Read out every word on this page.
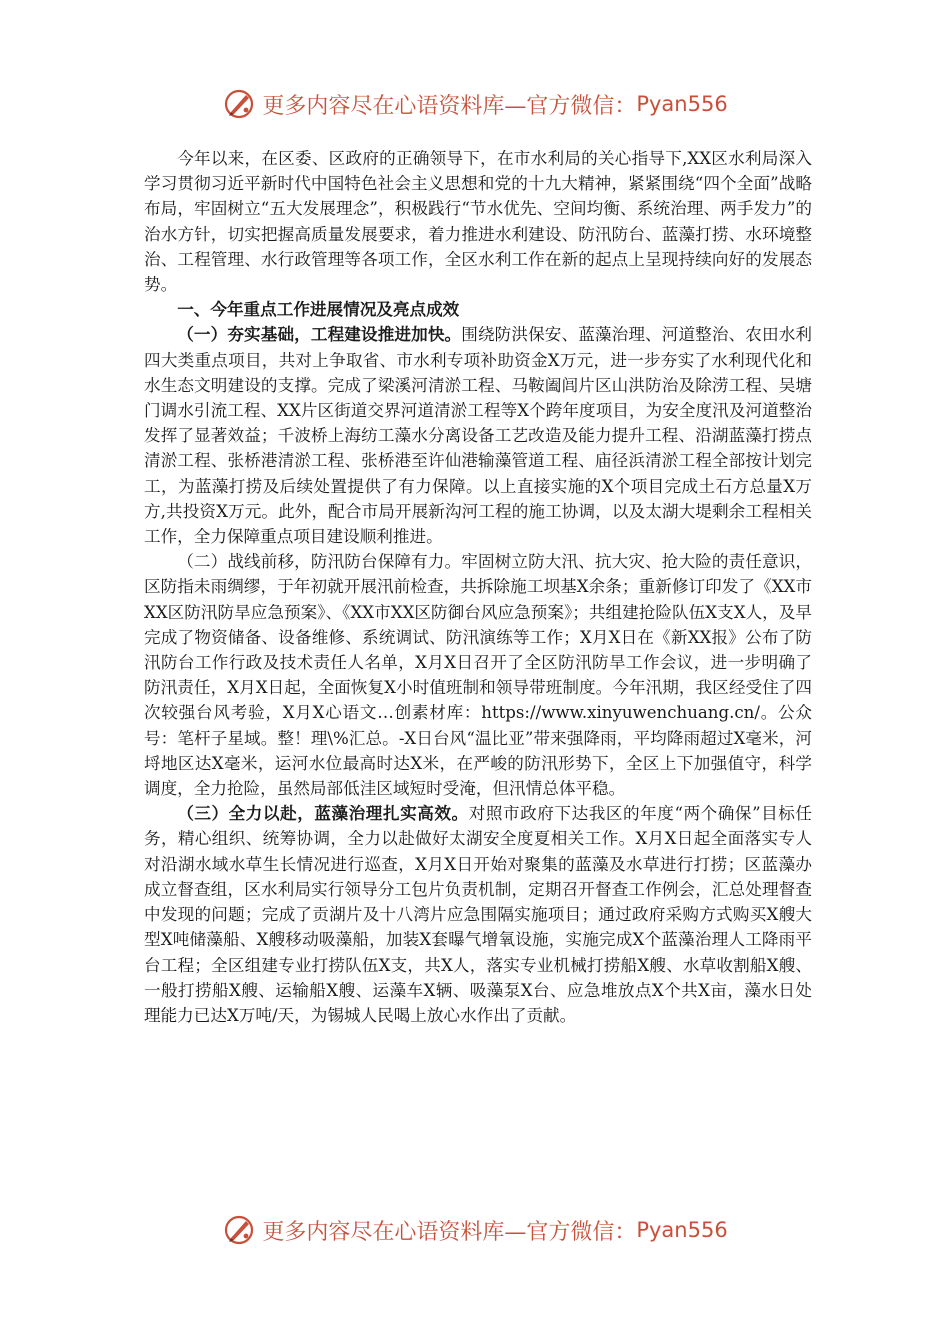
更多内容尽在心语资料库—官方微信： Pyan556

今年以来，在区委、区政府的正确领导下，在市水利局的关心指导下,XX区水利局深入学习贯彻习近平新时代中国特色社会主义思想和党的十九大精神，紧紧围绕“四个全面”战略布局，牢固树立“五大发展理念”，积极践行“节水优先、空间均衡、系统治理、两手发力”的治水方针，切实把握高质量发展要求，着力推进水利建设、防汛防台、蓝藻打捞、水环境整治、工程管理、水行政管理等各项工作，全区水利工作在新的起点上呈现持续向好的发展态势。

一、今年重点工作进展情况及亮点成效

（一）夯实基础，工程建设推进加快。围绕防洪保安、蓝藻治理、河道整治、农田水利四大类重点项目，共对上争取省、市水利专项补助资金X万元，进一步夯实了水利现代化和水生态文明建设的支撑。完成了梁溪河清淤工程、马鞍阖闾片区山洪防治及除涝工程、吴塘门调水引流工程、XX片区街道交界河道清淤工程等X个跨年度项目，为安全度汛及河道整治发挥了显著效益；千波桥上海纺工藻水分离设备工艺改造及能力提升工程、沿湖蓝藻打捞点清淤工程、张桥港清淤工程、张桥港至许仙港输藻管道工程、庙径浜清淤工程全部按计划完工，为蓝藻打捞及后续处置提供了有力保障。以上直接实施的X个项目完成土石方总量X万方,共投资X万元。此外，配合市局开展新沟河工程的施工协调，以及太湖大堤剩余工程相关工作，全力保障重点项目建设顺利推进。

（二）战线前移，防汛防台保障有力。牢固树立防大汛、抗大灾、抢大险的责任意识，区防指未雨绸缪，于年初就开展汛前检查，共拆除施工坝基X余条；重新修订印发了《XX市XX区防汛防旱应急预案》、《XX市XX区防御台风应急预案》；共组建抢险队伍X支X人，及早完成了物资储备、设备维修、系统调试、防汛演练等工作；X月X日在《新XX报》公布了防汛防台工作行政及技术责任人名单，X月X日召开了全区防汛防旱工作会议，进一步明确了防汛责任，X月X日起，全面恢复X小时值班制和领导带班制度。今年汛期，我区经受住了四次较强台风考验，X月X心语文…创素材库：https://www.xinyuwenchuang.cn/。公众号：笔杆子星域。整！理\%汇总。-X日台风“温比亚”带来强降雨，平均降雨超过X毫米，河埒地区达X毫米，运河水位最高时达X米，在严峻的防汛形势下，全区上下加强值守，科学调度，全力抢险，虽然局部低洼区域短时受淹，但汛情总体平稳。

（三）全力以赴，蓝藻治理扎实高效。对照市政府下达我区的年度“两个确保”目标任务，精心组织、统筹协调，全力以赴做好太湖安全度夏相关工作。X月X日起全面落实专人对沿湖水域水草生长情况进行巡查，X月X日开始对聚集的蓝藻及水草进行打捞；区蓝藻办成立督查组，区水利局实行领导分工包片负责机制，定期召开督查工作例会，汇总处理督查中发现的问题；完成了贡湖片及十八湾片应急围隔实施项目；通过政府采购方式购买X艘大型X吨储藻船、X艘移动吸藻船，加装X套曝气增氧设施，实施完成X个蓝藻治理人工降雨平台工程；全区组建专业打捞队伍X支，共X人，落实专业机械打捞船X艘、水草收割船X艘、一般打捞船X艘、运输船X艘、运藻车X辆、吸藻泵X台、应急堆放点X个共X亩，藻水日处理能力已达X万吨/天，为锡城人民喝上放心水作出了贡献。

更多内容尽在心语资料库—官方微信： Pyan556
